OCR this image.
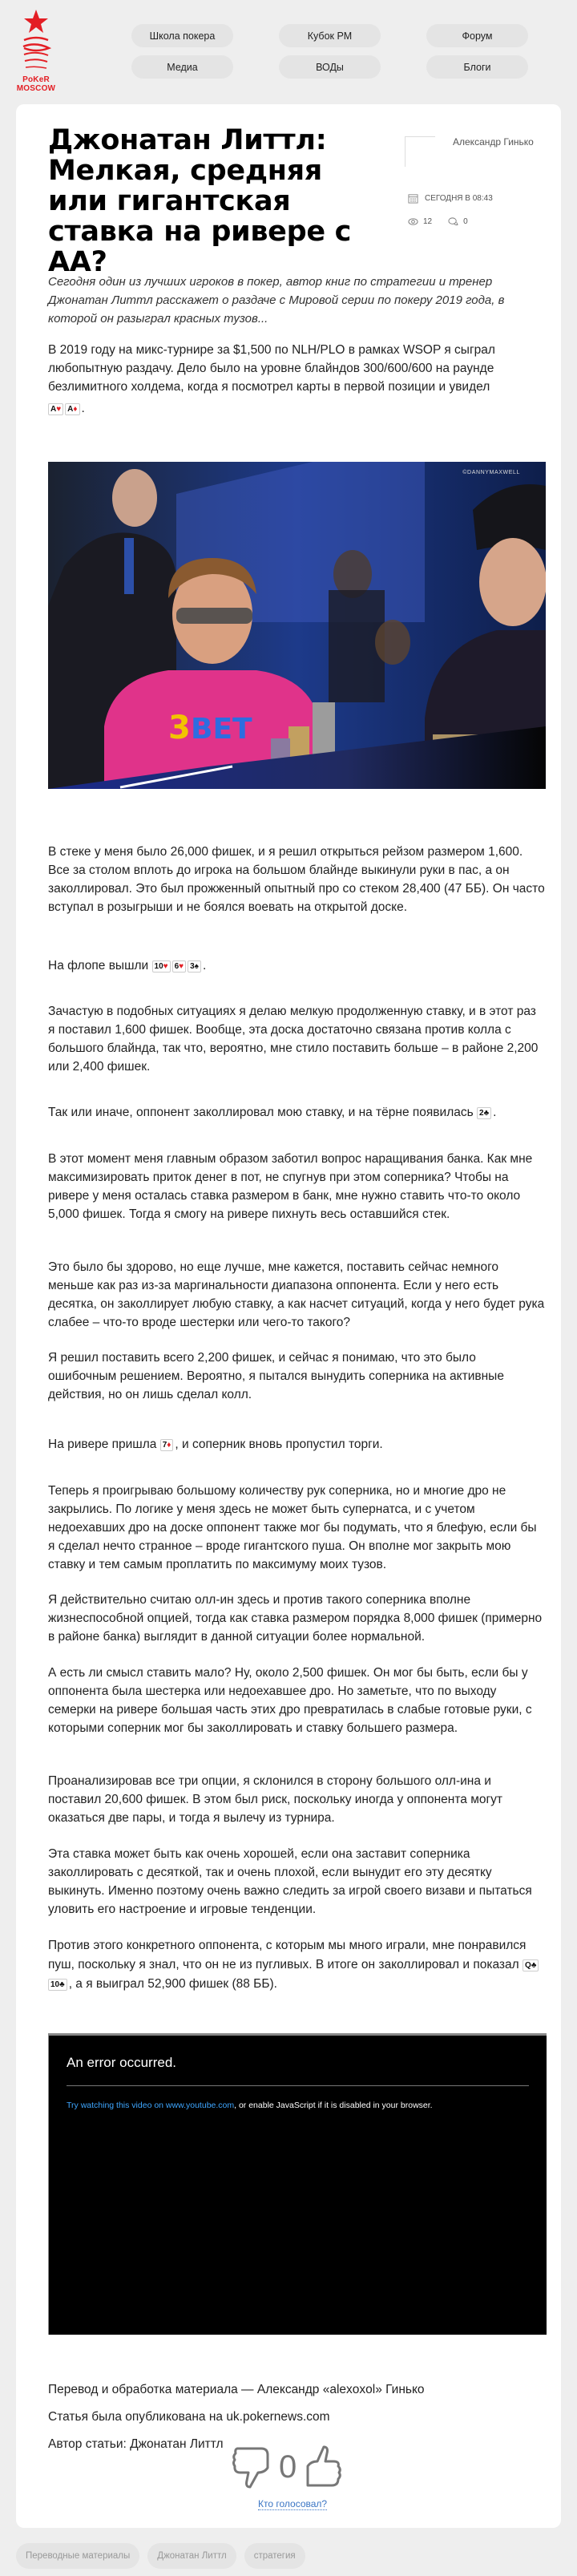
PoKeR
MOSCOW
Школа покера	Кубок PM	Форум
Медиа	ВОДы	Блоги
Джонатан Литтл: Мелкая, средняя или гигантская ставка на ривере с АА?
Александр Гинько
СЕГОДНЯ В 08:43
12	0

Сегодня один из лучших игроков в покер, автор книг по стратегии и тренер Джонатан Литтл расскажет о раздаче с Мировой серии по покеру 2019 года, в которой он разыграл красных тузов...

В 2019 году на микс-турнире за $1,500 по NLH/PLO в рамках WSOP я сыграл любопытную раздачу. Дело было на уровне блайндов 300/600/600 на раунде безлимитного холдема, когда я посмотрел карты в первой позиции и увидел

A♥ A♦ .

3 BET
©DANNYMAXWELL

В стеке у меня было 26,000 фишек, и я решил открыться рейзом размером 1,600. Все за столом вплоть до игрока на большом блайнде выкинули руки в пас, а он заколлировал. Это был прожженный опытный про со стеком 28,400 (47 ББ). Он часто вступал в розыгрыши и не боялся воевать на открытой доске.

На флопе вышли 10♥ 6♥ 3♠ .

Зачастую в подобных ситуациях я делаю мелкую продолженную ставку, и в этот раз я поставил 1,600 фишек. Вообще, эта доска достаточно связана против колла с большого блайнда, так что, вероятно, мне стило поставить больше – в районе 2,200 или 2,400 фишек.

Так или иначе, оппонент заколлировал мою ставку, и на тёрне появилась 2♣ .

В этот момент меня главным образом заботил вопрос наращивания банка. Как мне максимизировать приток денег в пот, не спугнув при этом соперника? Чтобы на ривере у меня осталась ставка размером в банк, мне нужно ставить что-то около 5,000 фишек. Тогда я смогу на ривере пихнуть весь оставшийся стек.

Это было бы здорово, но еще лучше, мне кажется, поставить сейчас немного меньше как раз из-за маргинальности диапазона оппонента. Если у него есть десятка, он заколлирует любую ставку, а как насчет ситуаций, когда у него будет рука слабее – что-то вроде шестерки или чего-то такого?

Я решил поставить всего 2,200 фишек, и сейчас я понимаю, что это было ошибочным решением. Вероятно, я пытался вынудить соперника на активные действия, но он лишь сделал колл.

На ривере пришла 7♦ , и соперник вновь пропустил торги.

Теперь я проигрываю большому количеству рук соперника, но и многие дро не закрылись. По логике у меня здесь не может быть супернатса, и с учетом недоехавших дро на доске оппонент также мог бы подумать, что я блефую, если бы я сделал нечто странное – вроде гигантского пуша. Он вполне мог закрыть мою ставку и тем самым проплатить по максимуму моих тузов.

Я действительно считаю олл-ин здесь и против такого соперника вполне жизнеспособной опцией, тогда как ставка размером порядка 8,000 фишек (примерно в районе банка) выглядит в данной ситуации более нормальной.

А есть ли смысл ставить мало? Ну, около 2,500 фишек. Он мог бы быть, если бы у оппонента была шестерка или недоехавшее дро. Но заметьте, что по выходу семерки на ривере большая часть этих дро превратилась в слабые готовые руки, с которыми соперник мог бы заколлировать и ставку большего размера.

Проанализировав все три опции, я склонился в сторону большого олл-ина и поставил 20,600 фишек. В этом был риск, поскольку иногда у оппонента могут оказаться две пары, и тогда я вылечу из турнира.

Эта ставка может быть как очень хорошей, если она заставит соперника заколлировать с десяткой, так и очень плохой, если вынудит его эту десятку выкинуть. Именно поэтому очень важно следить за игрой своего визави и пытаться уловить его настроение и игровые тенденции.

Против этого конкретного оппонента, с которым мы много играли, мне понравился пуш, поскольку я знал, что он не из пугливых. В итоге он заколлировал и показал Q♣10♣ , а я выиграл 52,900 фишек (88 ББ).

An error occurred.
Try watching this video on www.youtube.com, or enable JavaScript if it is disabled in your browser.

Перевод и обработка материала — Александр «alexoxol» Гинько

Статья была опубликована на uk.pokernews.com

Автор статьи: Джонатан Литтл

0
Кто голосовал?
Переводные материалы	Джонатан Литтл	стратегия
